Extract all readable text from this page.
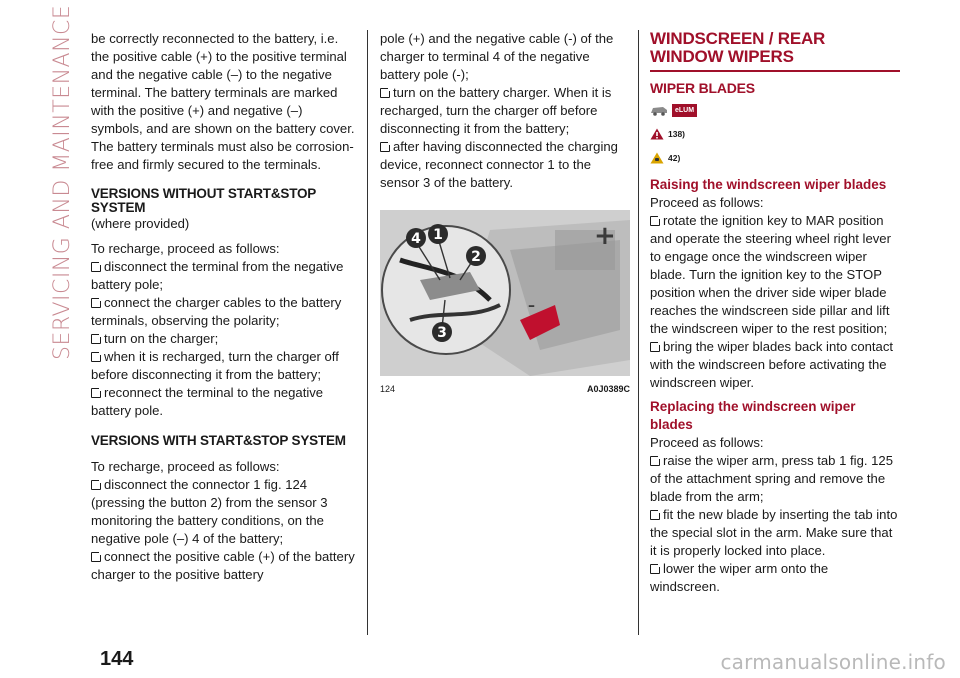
SERVICING AND MAINTENANCE be correctly reconnected to the battery, i.e. the positive cable (+) to the positive terminal and the negative cable (–) to the negative terminal. The battery terminals are marked with the positive (+) and negative (–) symbols, and are shown on the battery cover. The battery terminals must also be corrosion-free and firmly secured to the terminals.

VERSIONS WITHOUT START&STOP SYSTEM

(where provided)

To recharge, proceed as follows:

disconnect the terminal from the negative battery pole;
connect the charger cables to the battery terminals, observing the polarity;
turn on the charger;
when it is recharged, turn the charger off before disconnecting it from the battery;
reconnect the terminal to the negative battery pole.
VERSIONS WITH START&STOP SYSTEM

To recharge, proceed as follows:

disconnect the connector 1 fig. 124 (pressing the button 2) from the sensor 3 monitoring the battery conditions, on the negative pole (–) 4 of the battery;
connect the positive cable (+) of the battery charger to the positive battery

pole (+) and the negative cable (-) of the charger to terminal 4 of the negative battery pole (-);

turn on the battery charger. When it is recharged, turn the charger off before disconnecting it from the battery;
after having disconnected the charging device, reconnect connector 1 to the sensor 3 of the battery.
+
–
4 1
2
3
124	A0J0389C
WINDSCREEN / REAR WINDOW WIPERS
WIPER BLADES
eLUM
138)
42)
Raising the windscreen wiper blades

Proceed as follows:

rotate the ignition key to MAR position and operate the steering wheel right lever to engage once the windscreen wiper blade. Turn the ignition key to the STOP position when the driver side wiper blade reaches the windscreen side pillar and lift the windscreen wiper to the rest position;
bring the wiper blades back into contact with the windscreen before activating the windscreen wiper.
Replacing the windscreen wiper blades

Proceed as follows:

raise the wiper arm, press tab 1 fig. 125 of the attachment spring and remove the blade from the arm;
fit the new blade by inserting the tab into the special slot in the arm. Make sure that it is properly locked into place.
lower the wiper arm onto the windscreen.
144	carmanualsonline.info
